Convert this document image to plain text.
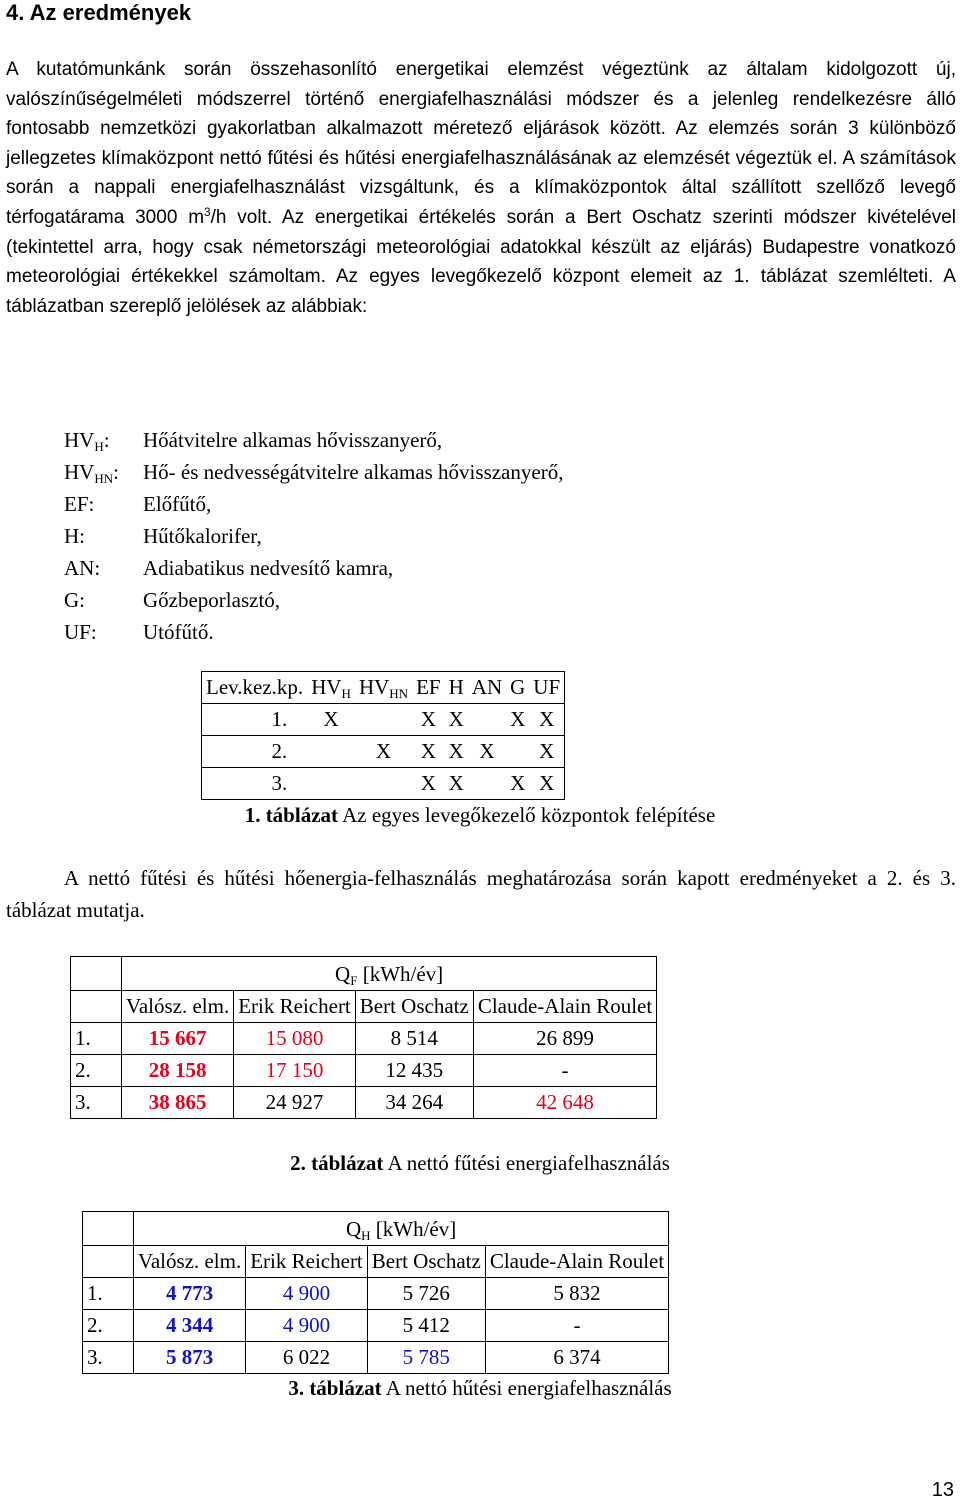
4. Az eredmények

A kutatómunkánk során összehasonlító energetikai elemzést végeztünk az általam kidolgozott új, valószínűségelméleti módszerrel történő energiafelhasználási módszer és a jelenleg rendelkezésre álló fontosabb nemzetközi gyakorlatban alkalmazott méretező eljárások között. Az elemzés során 3 különböző jellegzetes klímaközpont nettó fűtési és hűtési energiafelhasználásának az elemzését végeztük el. A számítások során a nappali energiafelhasználást vizsgáltunk, és a klímaközpontok által szállított szellőző levegő térfogatárama 3000 $m^3/h$ volt. Az energetikai értékelés során a Bert Oschatz szerinti módszer kivételével (tekintettel arra, hogy csak németországi meteorológiai adatokkal készült az eljárás) Budapestre vonatkozó meteorológiai értékekkel számoltam. Az egyes levegőkezelő központ elemeit az 1. táblázat szemlélteti. A táblázatban szereplő jelölések az alábbiak:

$HV_H$: Hőátvitelre alkamas hővisszanyerő,
$HV_{HN}$: Hő- és nedvességátvitelre alkamas hővisszanyerő,
EF: Előfűtő,
H:	Hűtőkalorifer,
AN: Adiabatikus nedvesítő kamra,
G:	Gőzbeporlasztó,
UF: Utófűtő.
Lev.kez.kp.	$HV_H$	$HV_{HN}$	EF	H	AN	G	UF
1.	X		X	X		X	X
2.		X	X	X	X		X
3.			X	X		X	X
1. táblázat Az egyes levegőkezelő központok felépítése

A nettó fűtési és hűtési hőenergia-felhasználás meghatározása során kapott eredményeket a 2. és 3. táblázat mutatja.

	$Q_F$ [kWh/év]			
	Valósz. elm.	Erik Reichert	Bert Oschatz	Claude-Alain Roulet
1.	15 667	15 080	8 514	26 899
2.	28 158	17 150	12 435	-
3.	38 865	24 927	34 264	42 648
2. táblázat A nettó fűtési energiafelhasználás
	$Q_H$ [kWh/év]			
	Valósz. elm.	Erik Reichert	Bert Oschatz	Claude-Alain Roulet
1.	4 773	4 900	5 726	5 832
2.	4 344	4 900	5 412	-
3.	5 873	6 022	5 785	6 374
3. táblázat A nettó hűtési energiafelhasználás
13
